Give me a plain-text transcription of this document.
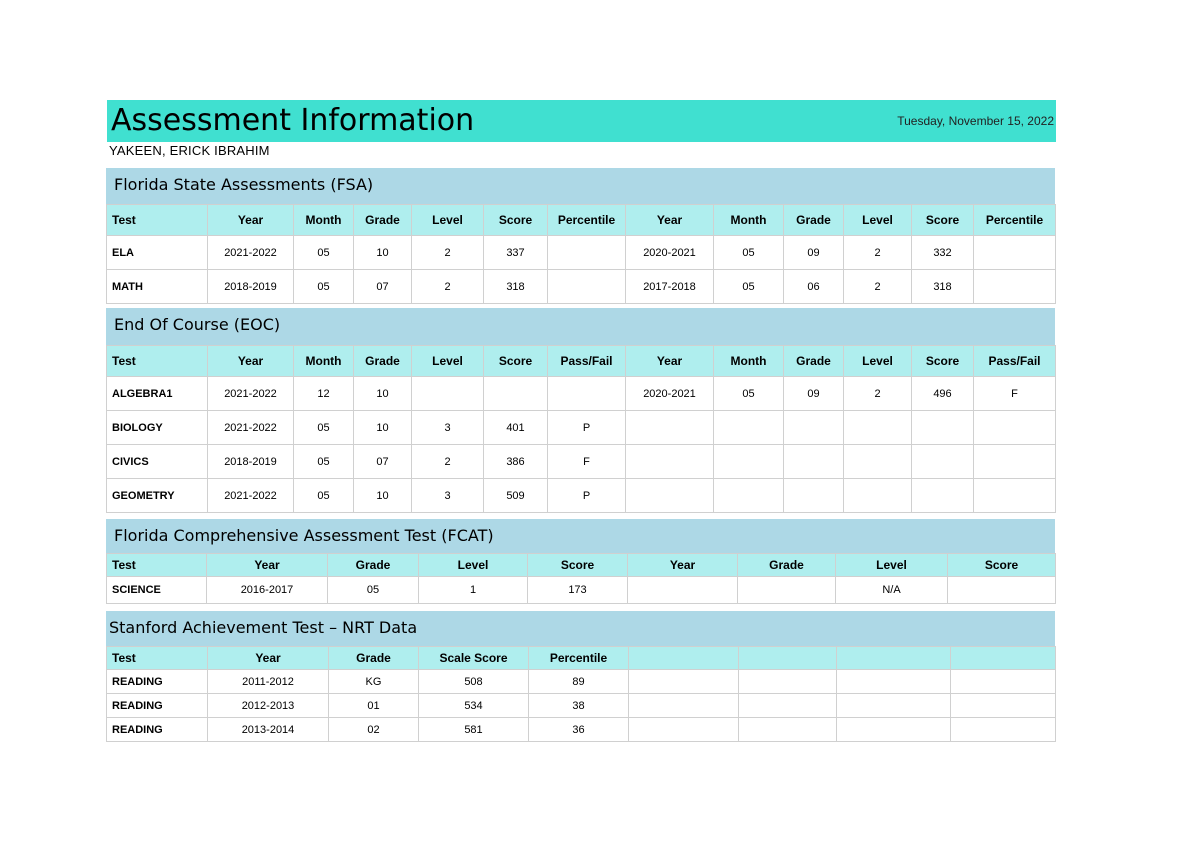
Assessment Information	Tuesday, November 15, 2022
YAKEEN, ERICK IBRAHIM
Florida State Assessments (FSA)
Test	Year	Month	Grade	Level	Score	Percentile	Year	Month	Grade	Level	Score	Percentile
ELA	2021-2022	05	10	2	337		2020-2021	05	09	2	332	
MATH	2018-2019	05	07	2	318		2017-2018	05	06	2	318	
End Of Course (EOC)
Test	Year	Month	Grade	Level	Score	Pass/Fail	Year	Month	Grade	Level	Score	Pass/Fail
ALGEBRA1	2021-2022	12	10				2020-2021	05	09	2	496	F
BIOLOGY	2021-2022	05	10	3	401	P						
CIVICS	2018-2019	05	07	2	386	F						
GEOMETRY	2021-2022	05	10	3	509	P						
Florida Comprehensive Assessment Test (FCAT)
Test	Year	Grade	Level	Score	Year	Grade	Level	Score
SCIENCE	2016-2017	05	1	173			N/A	
Stanford Achievement Test – NRT Data
Test	Year	Grade	Scale Score	Percentile				
READING	2011-2012	KG	508	89				
READING	2012-2013	01	534	38				
READING	2013-2014	02	581	36				
